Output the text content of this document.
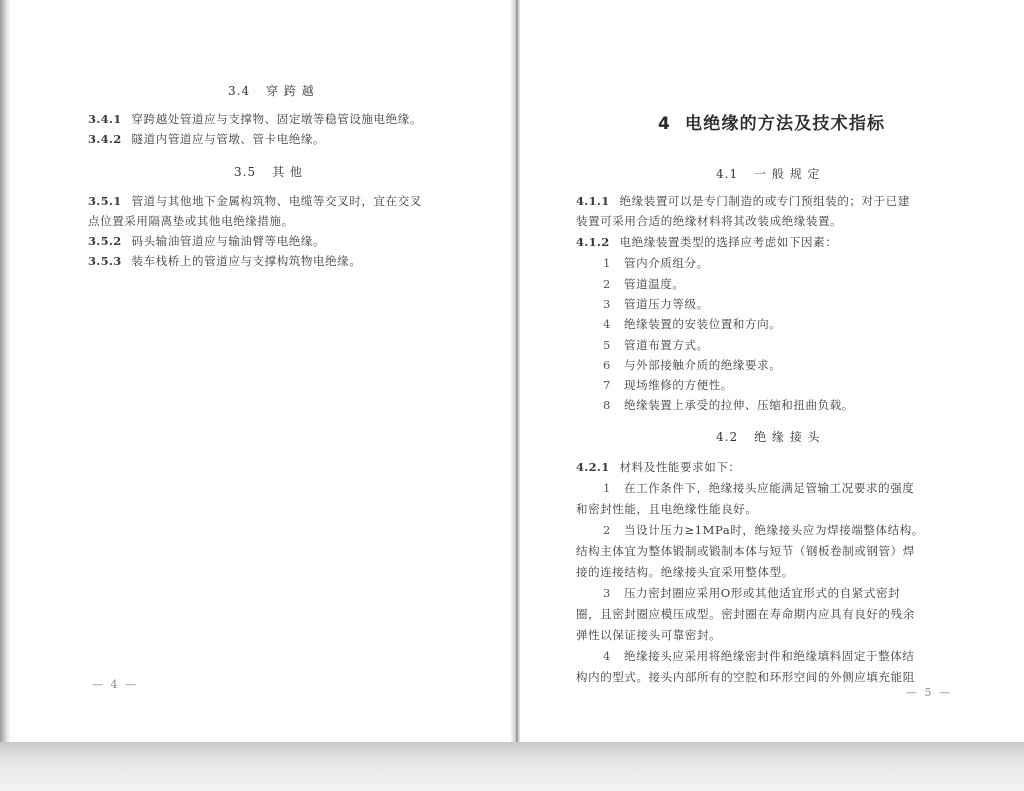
3.4 穿 跨 越
3.4.1 穿跨越处管道应与支撑物、固定墩等稳管设施电绝缘。
3.4.2 隧道内管道应与管墩、管卡电绝缘。
3.5 其 他
3.5.1 管道与其他地下金属构筑物、电缆等交叉时，宜在交叉
点位置采用隔离垫或其他电绝缘措施。
3.5.2 码头输油管道应与输油臂等电绝缘。
3.5.3 装车栈桥上的管道应与支撑构筑物电绝缘。
— 4 —
4 电绝缘的方法及技术指标
4.1 一 般 规 定
4.1.1 绝缘装置可以是专门制造的或专门预组装的；对于已建
装置可采用合适的绝缘材料将其改装成绝缘装置。
4.1.2 电绝缘装置类型的选择应考虑如下因素：
1 管内介质组分。
2 管道温度。
3 管道压力等级。
4 绝缘装置的安装位置和方向。
5 管道布置方式。
6 与外部接触介质的绝缘要求。
7 现场维修的方便性。
8 绝缘装置上承受的拉伸、压缩和扭曲负载。
4.2 绝 缘 接 头
4.2.1 材料及性能要求如下：
1 在工作条件下，绝缘接头应能满足管输工况要求的强度
和密封性能，且电绝缘性能良好。
2 当设计压力≥1MPa时，绝缘接头应为焊接端整体结构。
结构主体宜为整体锻制或锻制本体与短节（钢板卷制或钢管）焊
接的连接结构。绝缘接头宜采用整体型。
3 压力密封圈应采用O形或其他适宜形式的自紧式密封
圈，且密封圈应模压成型。密封圈在寿命期内应具有良好的残余
弹性以保证接头可靠密封。
4 绝缘接头应采用将绝缘密封件和绝缘填料固定于整体结
构内的型式。接头内部所有的空腔和环形空间的外侧应填充能阻
— 5 —
